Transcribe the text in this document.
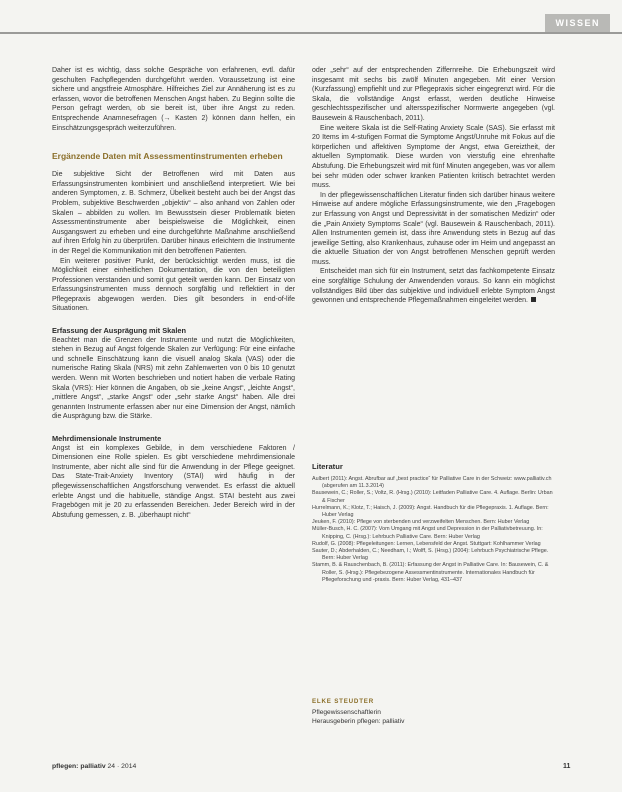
WISSEN

Daher ist es wichtig, dass solche Gespräche von erfahrenen, evtl. dafür geschulten Fachpflegenden durchgeführt werden. Voraussetzung ist eine sichere und angstfreie Atmosphäre. Hilfreiches Ziel zur Annäherung ist es zu erfassen, wovor die betroffenen Menschen Angst haben. Zu Beginn sollte die Person gefragt werden, ob sie bereit ist, über ihre Angst zu reden. Entsprechende Anamnesefragen (→ Kasten 2) können dann helfen, ein Einschätzungsgespräch weiterzuführen.

Ergänzende Daten mit Assessmentinstrumenten erheben

Die subjektive Sicht der Betroffenen wird mit Daten aus Erfassungsinstrumenten kombiniert und anschließend interpretiert. Wie bei anderen Symptomen, z. B. Schmerz, Übelkeit besteht auch bei der Angst das Problem, subjektive Beschwerden „objektiv“ – also anhand von Zahlen oder Skalen – abbilden zu wollen. Im Bewusstsein dieser Problematik bieten Assessmentinstrumente aber beispielsweise die Möglichkeit, einen Ausgangswert zu erheben und eine durchgeführte Maßnahme anschließend auf ihren Erfolg hin zu überprüfen. Darüber hinaus erleichtern die Instrumente in der Regel die Kommunikation mit den betroffenen Patienten.

Ein weiterer positiver Punkt, der berücksichtigt werden muss, ist die Möglichkeit einer einheitlichen Dokumentation, die von den beteiligten Professionen verstanden und somit gut geteilt werden kann. Der Einsatz von Erfassungsinstrumenten muss dennoch sorgfältig und reflektiert in der Pflegepraxis abgewogen werden. Dies gilt besonders in end-of-life Situationen.

Erfassung der Ausprägung mit Skalen

Beachtet man die Grenzen der Instrumente und nutzt die Möglichkeiten, stehen in Bezug auf Angst folgende Skalen zur Verfügung: Für eine einfache und schnelle Einschätzung kann die visuell analog Skala (VAS) oder die numerische Rating Skala (NRS) mit zehn Zahlenwerten von 0 bis 10 genutzt werden. Wenn mit Worten beschrieben und notiert haben die verbale Rating Skala (VRS): Hier können die Angaben, ob sie „keine Angst“, „leichte Angst“, „mittlere Angst“, „starke Angst“ oder „sehr starke Angst“ haben. Alle drei genannten Instrumente erfassen aber nur eine Dimension der Angst, nämlich die Ausprägung bzw. die Stärke.

Mehrdimensionale Instrumente

Angst ist ein komplexes Gebilde, in dem verschiedene Faktoren / Dimensionen eine Rolle spielen. Es gibt verschiedene mehrdimensionale Instrumente, aber nicht alle sind für die Anwendung in der Pflege geeignet. Das State-Trait-Anxiety Inventory (STAI) wird häufig in der pflegewissenschaftlichen Angstforschung verwendet. Es erfasst die aktuell erlebte Angst und die habituelle, ständige Angst. STAI besteht aus zwei Fragebögen mit je 20 zu erfassenden Bereichen. Jeder Bereich wird in der Abstufung gemessen, z. B. „überhaupt nicht“

oder „sehr“ auf der entsprechenden Ziffernreihe. Die Erhebungszeit wird insgesamt mit sechs bis zwölf Minuten angegeben. Mit einer Version (Kurzfassung) empfiehlt und zur Pflegepraxis sicher eingegrenzt wird. Für die Skala, die vollständige Angst erfasst, werden deutliche Hinweise geschlechtsspezifischer und altersspezifischer Normwerte angegeben (vgl. Bausewein & Rauschenbach, 2011).

Eine weitere Skala ist die Self-Rating Anxiety Scale (SAS). Sie erfasst mit 20 Items im 4-stufigen Format die Symptome Angst/Unruhe mit Fokus auf die körperlichen und affektiven Symptome der Angst, etwa Gereiztheit, der aktuellen Symptomatik. Diese wurden von vierstufig eine ehrenhafte Abstufung. Die Erhebungszeit wird mit fünf Minuten angegeben, was vor allem bei sehr müden oder schwer kranken Patienten kritisch betrachtet werden muss.

In der pflegewissenschaftlichen Literatur finden sich darüber hinaus weitere Hinweise auf andere mögliche Erfassungsinstrumente, wie den „Fragebogen zur Erfassung von Angst und Depressivität in der somatischen Medizin“ oder die „Pain Anxiety Symptoms Scale“ (vgl. Bausewein & Rauschenbach, 2011). Allen Instrumenten gemein ist, dass ihre Anwendung stets in Bezug auf das jeweilige Setting, also Krankenhaus, zuhause oder im Heim und angepasst an die aktuelle Situation der von Angst betroffenen Menschen geprüft werden muss.

Entscheidet man sich für ein Instrument, setzt das fachkompetente Einsatz eine sorgfältige Schulung der Anwendenden voraus. So kann ein möglichst vollständiges Bild über das subjektive und individuell erlebte Symptom Angst gewonnen und entsprechende Pflegemaßnahmen eingeleitet werden.

Literatur

Aulbert (2011): Angst. Abrufbar auf „best practice“ für Palliative Care in der Schweiz: www.palliativ.ch (abgerufen am 11.3.2014)

Bausewein, C.; Roller, S.; Voltz, R. (Hrsg.) (2010): Leitfaden Palliative Care. 4. Auflage. Berlin: Urban & Fischer

Hurrelmann, K.; Klotz, T.; Haisch, J. (2009): Angst. Handbuch für die Pflegepraxis. 1. Auflage. Bern: Huber Verlag

Jeuken, F. (2010): Pflege von sterbenden und verzweifelten Menschen. Bern: Huber Verlag

Müller-Busch, H. C. (2007): Vom Umgang mit Angst und Depression in der Palliativbetreuung. In: Knipping, C. (Hrsg.): Lehrbuch Palliative Care. Bern: Huber Verlag

Rudolf, G. (2008): Pflegeleitungen: Lernen, Lebensfeld der Angst. Stuttgart: Kohlhammer Verlag

Sauter, D.; Abderhalden, C.; Needham, I.; Wolff, S. (Hrsg.) (2004): Lehrbuch Psychiatrische Pflege. Bern: Huber Verlag

Stamm, B. & Rauschenbach, B. (2011): Erfassung der Angst in Palliative Care. In: Bausewein, C. & Roller, S. (Hrsg.): Pflegebezogene Assessmentinstrumente. Internationales Handbuch für Pflegeforschung und -praxis. Bern: Huber Verlag, 431–437

ELKE STEUDTER
Pflegewissenschaftlerin
Herausgeberin pflegen: palliativ
pflegen: palliativ 24 · 2014	11
